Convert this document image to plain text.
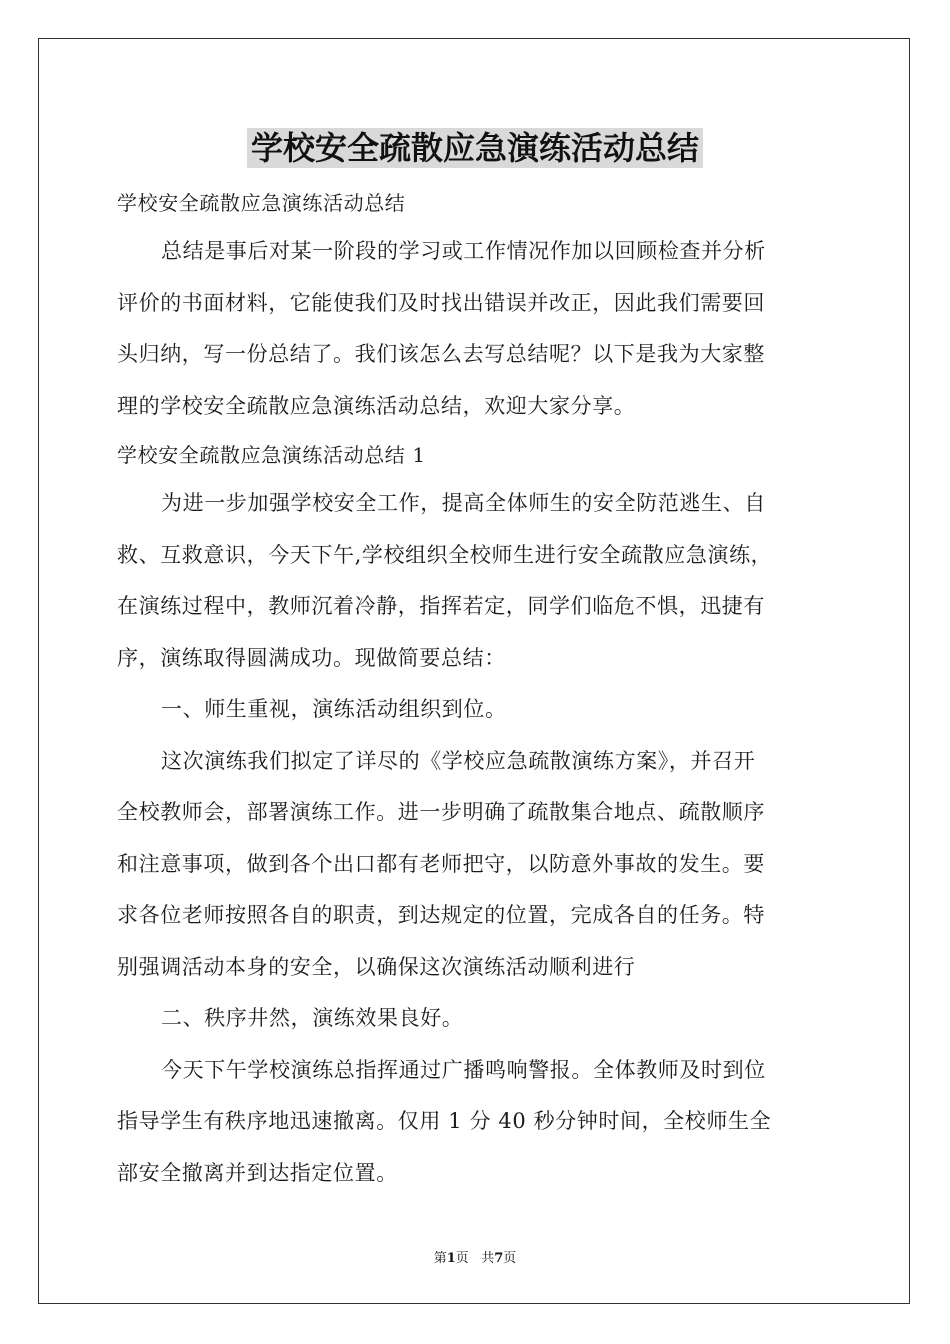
学校安全疏散应急演练活动总结
学校安全疏散应急演练活动总结
总结是事后对某一阶段的学习或工作情况作加以回顾检查并分析
评价的书面材料，它能使我们及时找出错误并改正，因此我们需要回
头归纳，写一份总结了。我们该怎么去写总结呢？以下是我为大家整
理的学校安全疏散应急演练活动总结，欢迎大家分享。
学校安全疏散应急演练活动总结 1
为进一步加强学校安全工作，提高全体师生的安全防范逃生、自
救、互救意识，今天下午,学校组织全校师生进行安全疏散应急演练，
在演练过程中，教师沉着冷静，指挥若定，同学们临危不惧，迅捷有
序，演练取得圆满成功。现做简要总结：
一、师生重视，演练活动组织到位。
这次演练我们拟定了详尽的《学校应急疏散演练方案》，并召开
全校教师会，部署演练工作。进一步明确了疏散集合地点、疏散顺序
和注意事项，做到各个出口都有老师把守，以防意外事故的发生。要
求各位老师按照各自的职责，到达规定的位置，完成各自的任务。特
别强调活动本身的安全，以确保这次演练活动顺利进行
二、秩序井然，演练效果良好。
今天下午学校演练总指挥通过广播鸣响警报。全体教师及时到位
指导学生有秩序地迅速撤离。仅用 1 分 40 秒分钟时间，全校师生全
部安全撤离并到达指定位置。
第1页 共7页
